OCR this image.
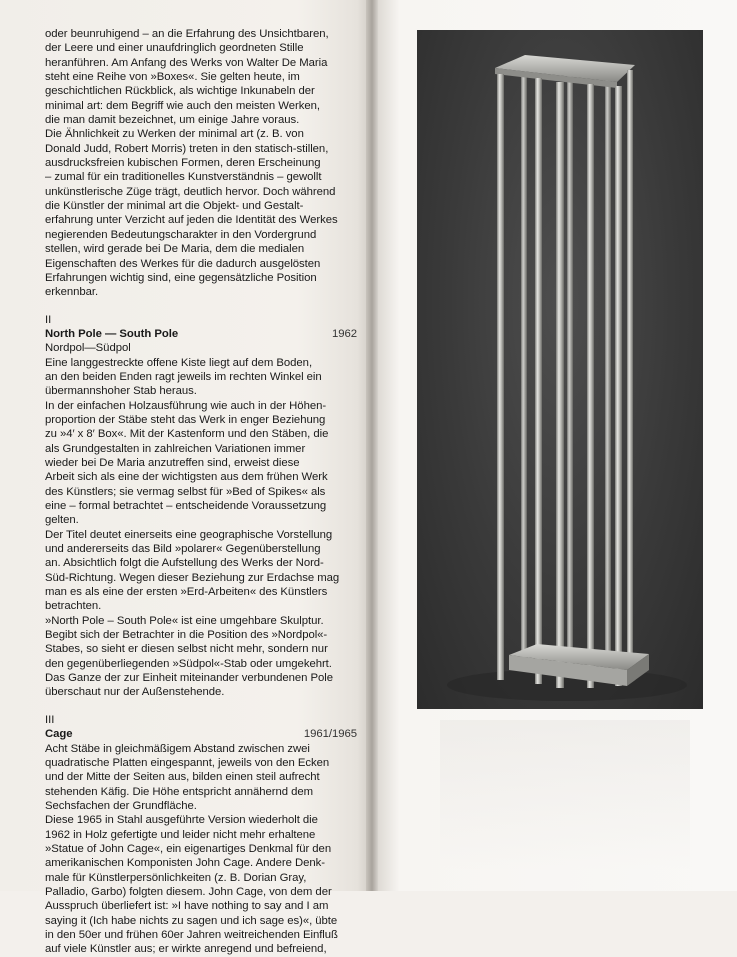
oder beunruhigend – an die Erfahrung des Unsichtbaren,
der Leere und einer unaufdringlich geordneten Stille
heranführen. Am Anfang des Werks von Walter De Maria
steht eine Reihe von »Boxes«. Sie gelten heute, im
geschichtlichen Rückblick, als wichtige Inkunabeln der
minimal art: dem Begriff wie auch den meisten Werken,
die man damit bezeichnet, um einige Jahre voraus.
Die Ähnlichkeit zu Werken der minimal art (z. B. von
Donald Judd, Robert Morris) treten in den statisch-stillen,
ausdrucksfreien kubischen Formen, deren Erscheinung
– zumal für ein traditionelles Kunstverständnis – gewollt
unkünstlerische Züge trägt, deutlich hervor. Doch während
die Künstler der minimal art die Objekt- und Gestalt-
erfahrung unter Verzicht auf jeden die Identität des Werkes
negierenden Bedeutungscharakter in den Vordergrund
stellen, wird gerade bei De Maria, dem die medialen
Eigenschaften des Werkes für die dadurch ausgelösten
Erfahrungen wichtig sind, eine gegensätzliche Position
erkennbar.

II

North Pole — South Pole	1962

Nordpol—Südpol

Eine langgestreckte offene Kiste liegt auf dem Boden,
an den beiden Enden ragt jeweils im rechten Winkel ein
übermannshoher Stab heraus.

In der einfachen Holzausführung wie auch in der Höhen-
proportion der Stäbe steht das Werk in enger Beziehung
zu »4′ x 8′ Box«. Mit der Kastenform und den Stäben, die
als Grundgestalten in zahlreichen Variationen immer
wieder bei De Maria anzutreffen sind, erweist diese
Arbeit sich als eine der wichtigsten aus dem frühen Werk
des Künstlers; sie vermag selbst für »Bed of Spikes« als
eine – formal betrachtet – entscheidende Voraussetzung
gelten.

Der Titel deutet einerseits eine geographische Vorstellung
und andererseits das Bild »polarer« Gegenüberstellung
an. Absichtlich folgt die Aufstellung des Werks der Nord-
Süd-Richtung. Wegen dieser Beziehung zur Erdachse mag
man es als eine der ersten »Erd-Arbeiten« des Künstlers
betrachten.

»North Pole – South Pole« ist eine umgehbare Skulptur.
Begibt sich der Betrachter in die Position des »Nordpol«-
Stabes, so sieht er diesen selbst nicht mehr, sondern nur
den gegenüberliegenden »Südpol«-Stab oder umgekehrt.
Das Ganze der zur Einheit miteinander verbundenen Pole
überschaut nur der Außenstehende.

III

Cage	1961/1965

Acht Stäbe in gleichmäßigem Abstand zwischen zwei
quadratische Platten eingespannt, jeweils von den Ecken
und der Mitte der Seiten aus, bilden einen steil aufrecht
stehenden Käfig. Die Höhe entspricht annähernd dem
Sechsfachen der Grundfläche.

Diese 1965 in Stahl ausgeführte Version wiederholt die
1962 in Holz gefertigte und leider nicht mehr erhaltene
»Statue of John Cage«, ein eigenartiges Denkmal für den
amerikanischen Komponisten John Cage. Andere Denk-
male für Künstlerpersönlichkeiten (z. B. Dorian Gray,
Palladio, Garbo) folgten diesem. John Cage, von dem der
Ausspruch überliefert ist: »I have nothing to say and I am
saying it (Ich habe nichts zu sagen und ich sage es)«, übte
in den 50er und frühen 60er Jahren weitreichenden Einfluß
auf viele Künstler aus; er wirkte anregend und befreiend,
